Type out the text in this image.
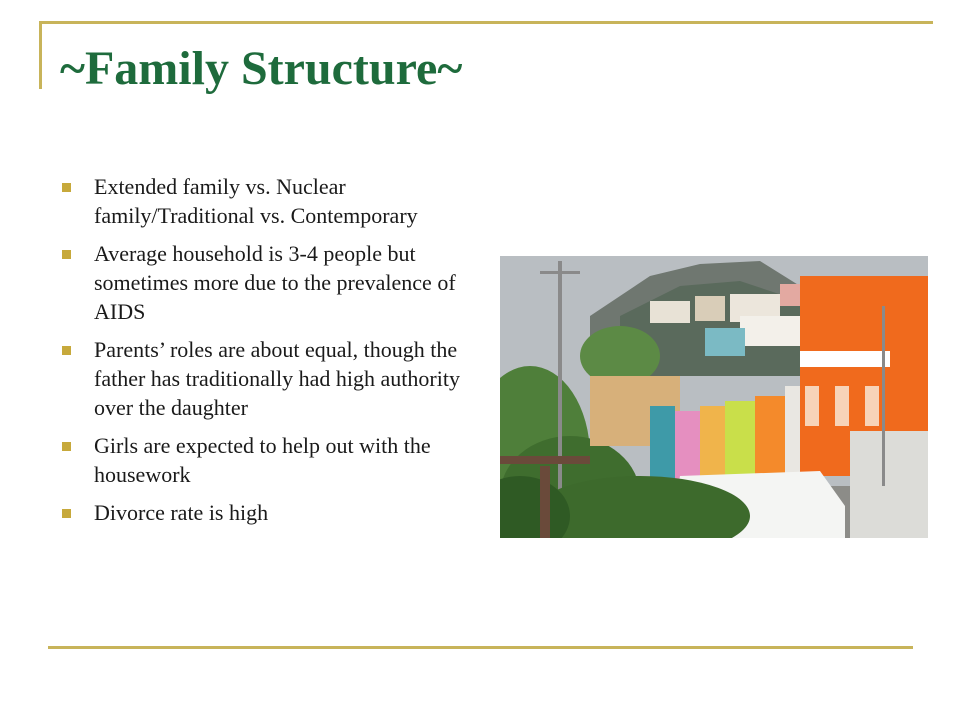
~Family Structure~
Extended family vs. Nuclear family/Traditional vs. Contemporary
Average household is 3-4 people but sometimes more due to the prevalence of AIDS
Parents’ roles are about equal, though the father has traditionally had high authority over the daughter
Girls are expected to help out with the housework
Divorce rate is high
